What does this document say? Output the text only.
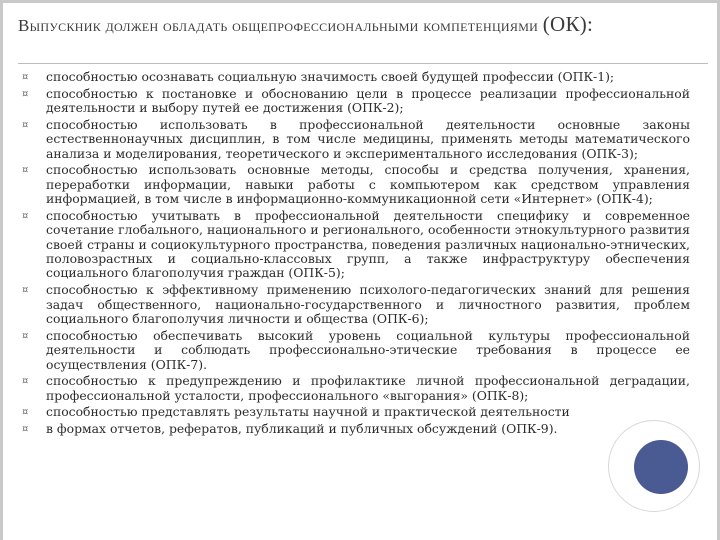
Выпускник должен обладать общепрофессиональными компетенциями (ОК):
¤ способностью осознавать социальную значимость своей будущей профессии (ОПК-1);
¤ способностью к постановке и обоснованию цели в процессе реализации профессиональной деятельности и выбору путей ее достижения (ОПК-2);
¤ способностью использовать в профессиональной деятельности основные законы естественнонаучных дисциплин, в том числе медицины, применять методы математического анализа и моделирования, теоретического и экспериментального исследования (ОПК-3);
¤ способностью использовать основные методы, способы и средства получения, хранения, переработки информации, навыки работы с компьютером как средством управления информацией, в том числе в информационно-коммуникационной сети «Интернет» (ОПК-4);
¤ способностью учитывать в профессиональной деятельности специфику и современное сочетание глобального, национального и регионального, особенности этнокультурного развития своей страны и социокультурного пространства, поведения различных национально-этнических, половозрастных и социально-классовых групп, а также инфраструктуру обеспечения социального благополучия граждан (ОПК-5);
¤ способностью к эффективному применению психолого-педагогических знаний для решения задач общественного, национально-государственного и личностного развития, проблем социального благополучия личности и общества (ОПК-6);
¤ способностью обеспечивать высокий уровень социальной культуры профессиональной деятельности и соблюдать профессионально-этические требования в процессе ее осуществления (ОПК-7).
¤ способностью к предупреждению и профилактике личной профессиональной деградации, профессиональной усталости, профессионального «выгорания» (ОПК-8);
¤ способностью представлять результаты научной и практической деятельности
¤ в формах отчетов, рефератов, публикаций и публичных обсуждений (ОПК-9).
